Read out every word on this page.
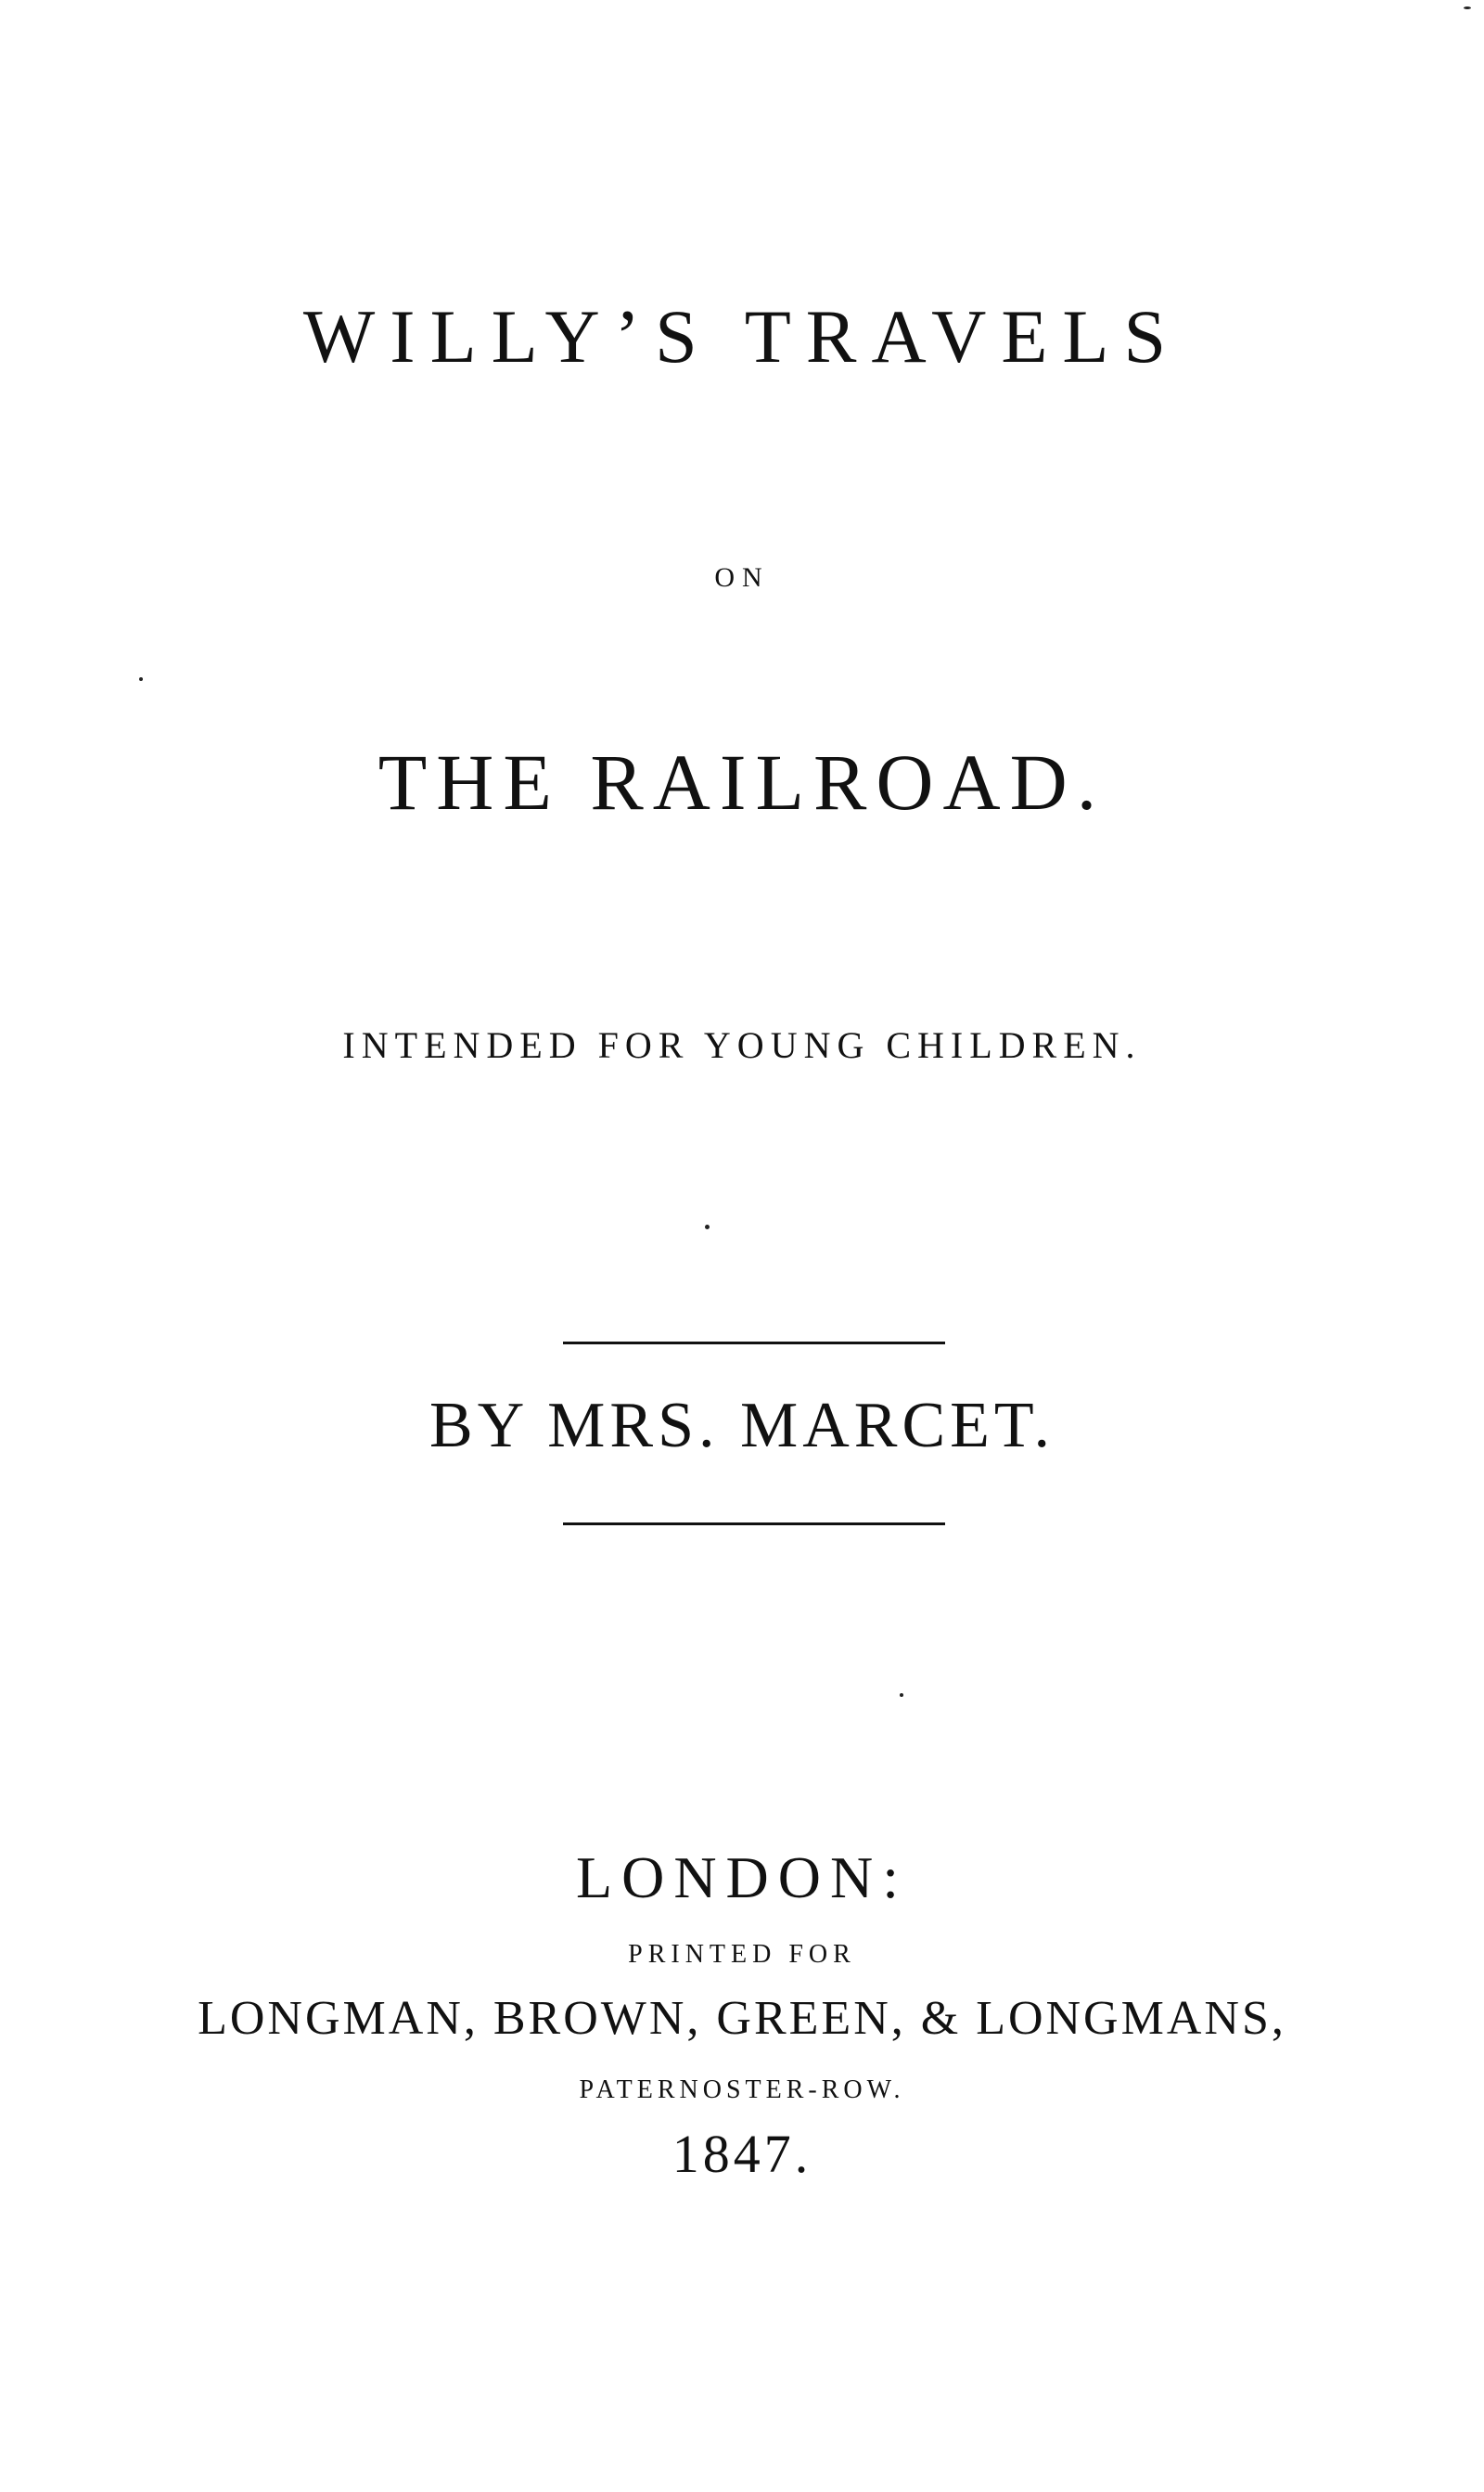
WILLY’S TRAVELS
ON
THE RAILROAD.
INTENDED FOR YOUNG CHILDREN.
BY MRS. MARCET.
LONDON:
PRINTED FOR
LONGMAN, BROWN, GREEN, & LONGMANS,
PATERNOSTER-ROW.
1847.
